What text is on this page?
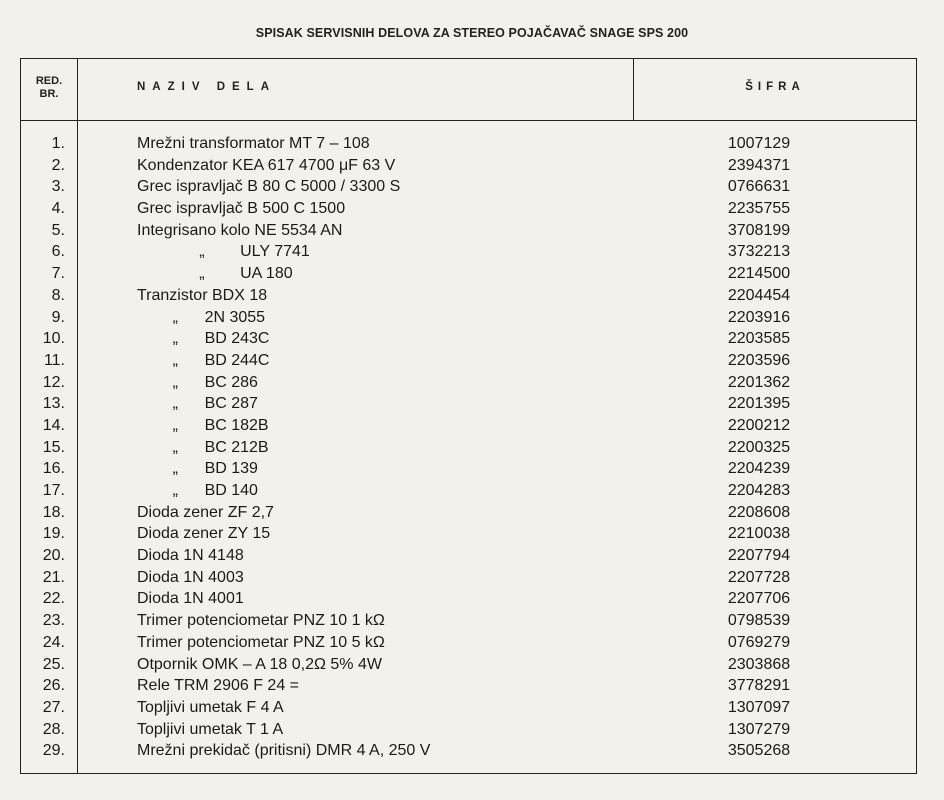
SPISAK SERVISNIH DELOVA ZA STEREO POJAČAVAČ SNAGE SPS 200
RED.
BR.
NAZIV DELA	ŠIFRA
1.	Mrežni transformator MT 7 – 108	1007129
2.	Kondenzator KEA 617 4700 μF 63 V	2394371
3.	Grec ispravljač B 80 C 5000 / 3300 S	0766631
4.	Grec ispravljač B 500 C 1500	2235755
5.	Integrisano kolo NE 5534 AN	3708199
6.	„        ULY 7741	3732213
7.	„        UA 180	2214500
8.	Tranzistor BDX 18	2204454
9.	„      2N 3055	2203916
10.	„      BD 243C	2203585
11.	„      BD 244C	2203596
12.	„      BC 286	2201362
13.	„      BC 287	2201395
14.	„      BC 182B	2200212
15.	„      BC 212B	2200325
16.	„      BD 139	2204239
17.	„      BD 140	2204283
18.	Dioda zener ZF 2,7	2208608
19.	Dioda zener ZY 15	2210038
20.	Dioda 1N 4148	2207794
21.	Dioda 1N 4003	2207728
22.	Dioda 1N 4001	2207706
23.	Trimer potenciometar PNZ 10 1 kΩ	0798539
24.	Trimer potenciometar PNZ 10 5 kΩ	0769279
25.	Otpornik OMK – A 18 0,2Ω 5% 4W	2303868
26.	Rele TRM 2906 F 24 =	3778291
27.	Topljivi umetak F 4 A	1307097
28.	Topljivi umetak T 1 A	1307279
29.	Mrežni prekidač (pritisni) DMR 4 A, 250 V	3505268
